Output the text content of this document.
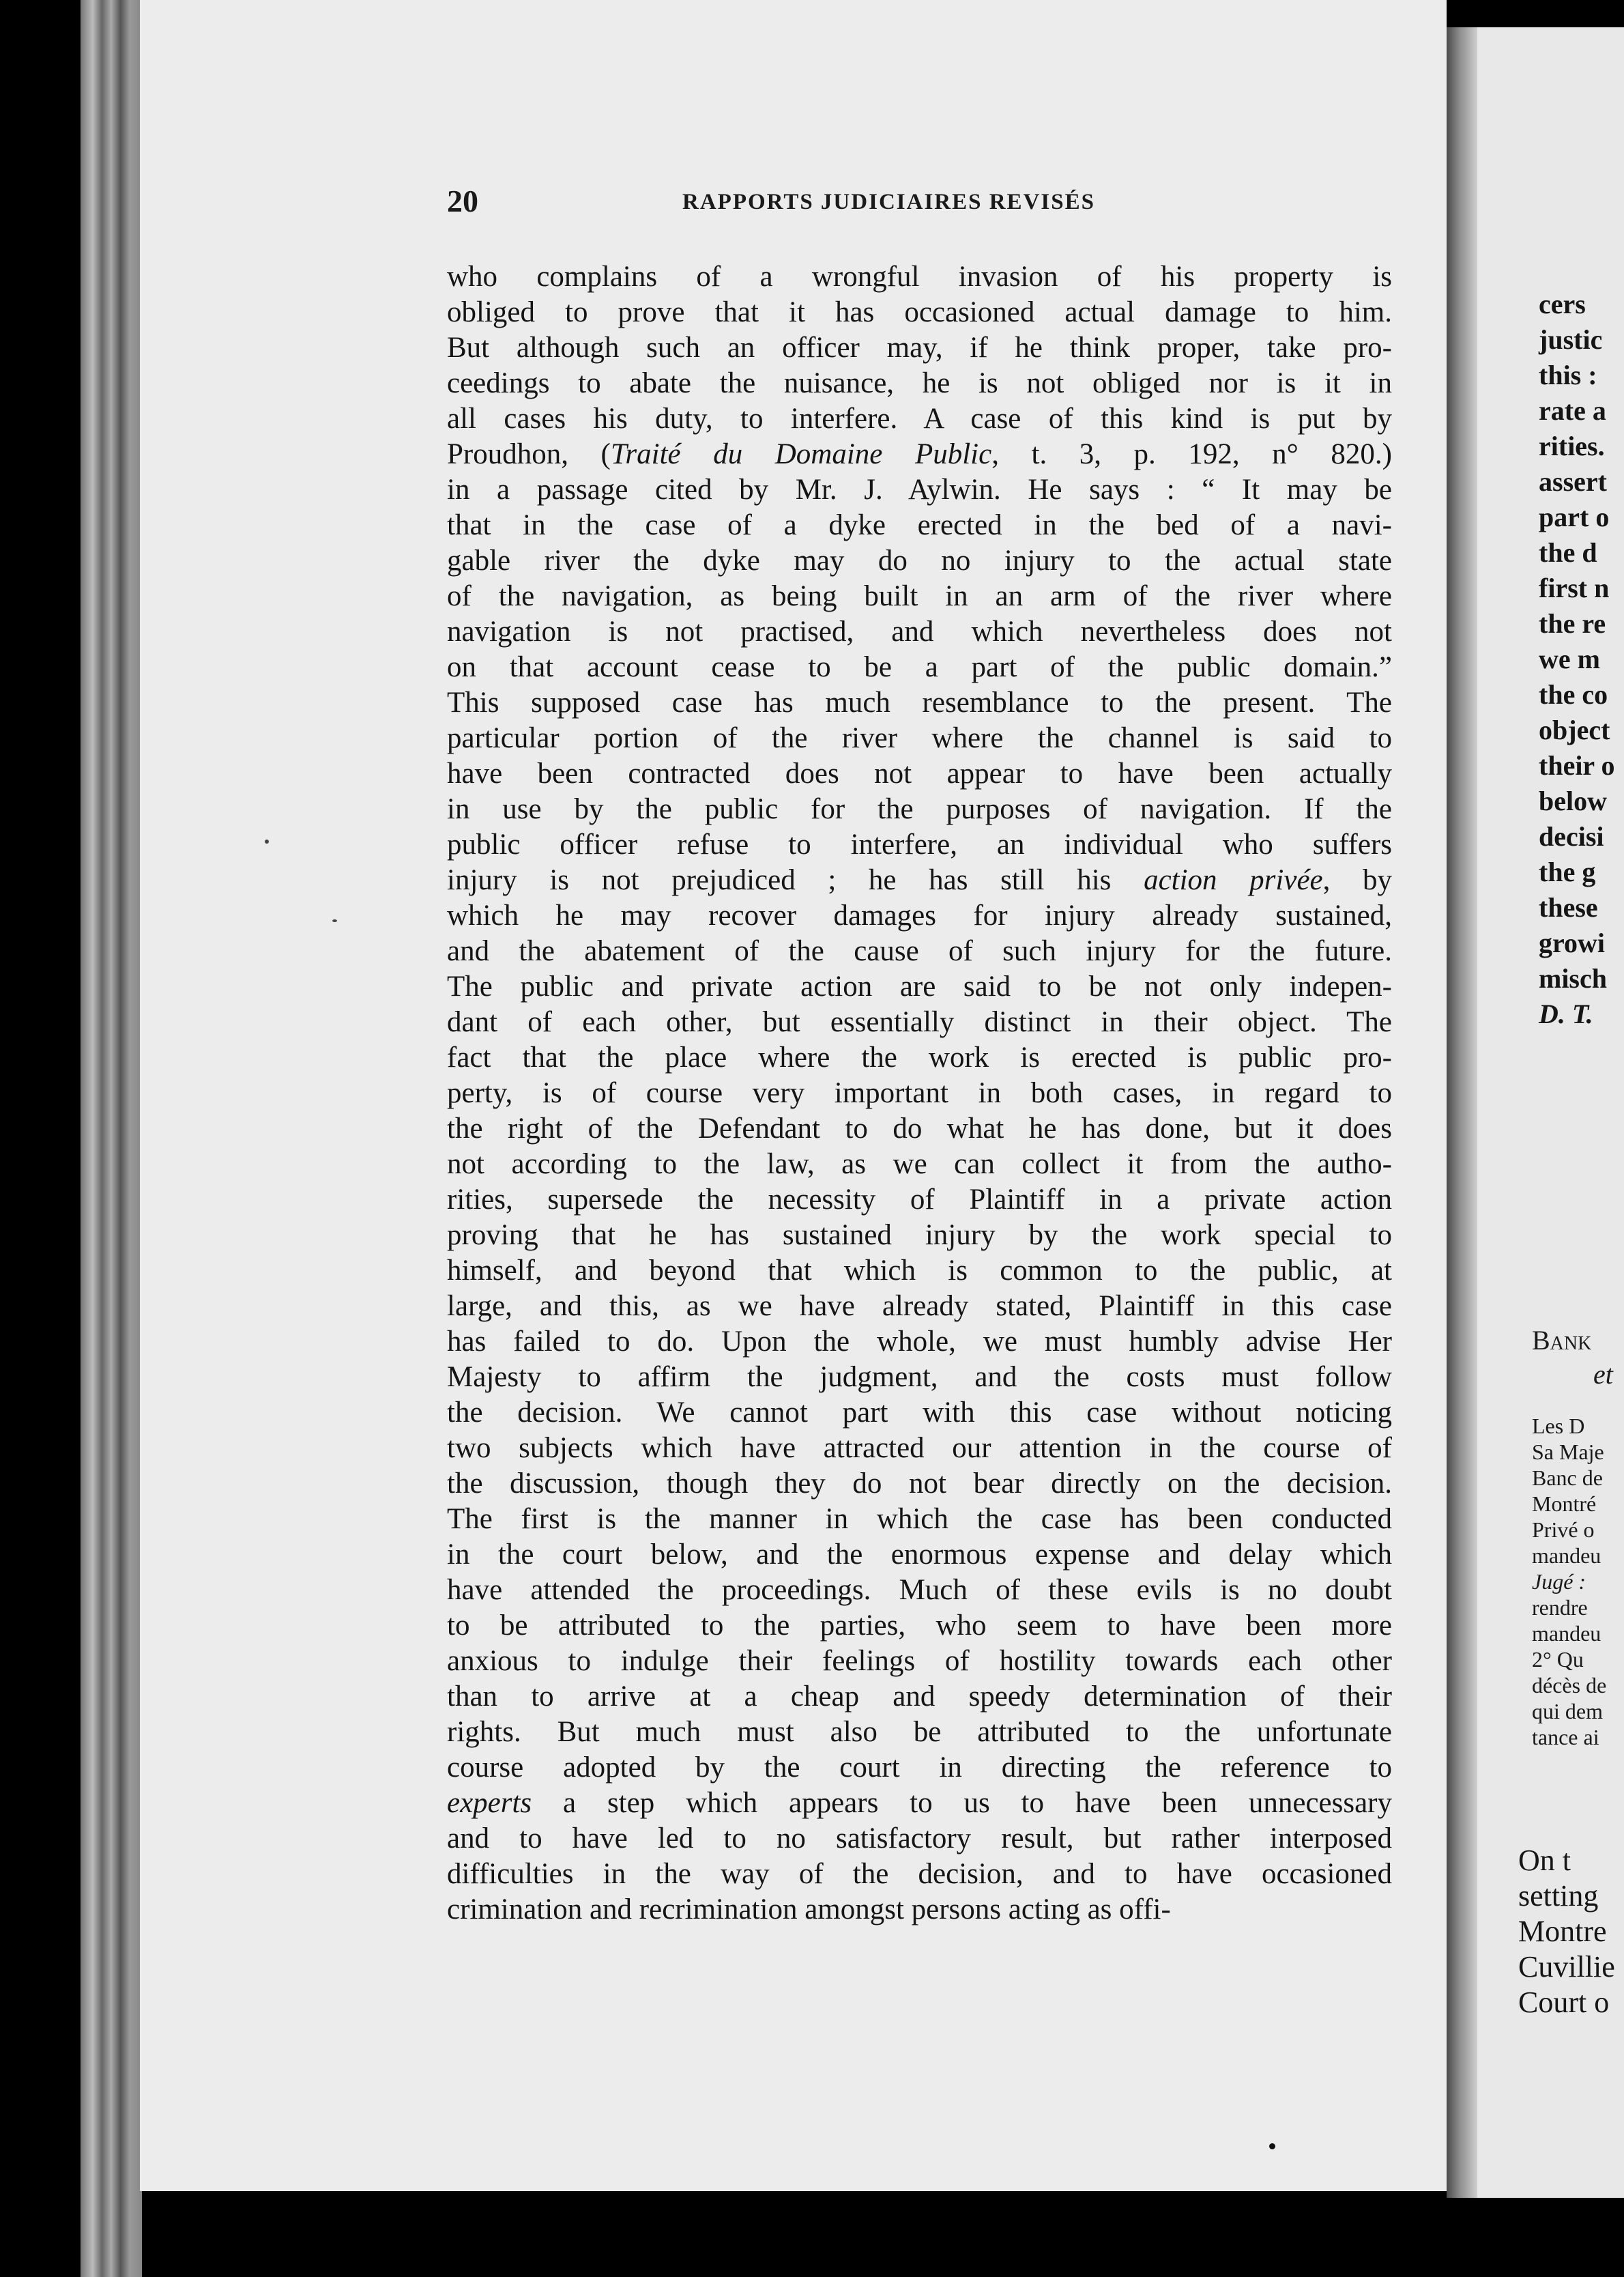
20	RAPPORTS JUDICIAIRES REVISÉS
who complains of a wrongful invasion of his property is
obliged to prove that it has occasioned actual damage to him.
But although such an officer may, if he think proper, take pro-
ceedings to abate the nuisance, he is not obliged nor is it in
all cases his duty, to interfere. A case of this kind is put by
Proudhon, (Traité du Domaine Public, t. 3, p. 192, n° 820.)
in a passage cited by Mr. J. Aylwin. He says : “ It may be
that in the case of a dyke erected in the bed of a navi-
gable river the dyke may do no injury to the actual state
of the navigation, as being built in an arm of the river where
navigation is not practised, and which nevertheless does not
on that account cease to be a part of the public domain.”
This supposed case has much resemblance to the present. The
particular portion of the river where the channel is said to
have been contracted does not appear to have been actually
in use by the public for the purposes of navigation. If the
public officer refuse to interfere, an individual who suffers
injury is not prejudiced ; he has still his action privée, by
which he may recover damages for injury already sustained,
and the abatement of the cause of such injury for the future.
The public and private action are said to be not only indepen-
dant of each other, but essentially distinct in their object. The
fact that the place where the work is erected is public pro-
perty, is of course very important in both cases, in regard to
the right of the Defendant to do what he has done, but it does
not according to the law, as we can collect it from the autho-
rities, supersede the necessity of Plaintiff in a private action
proving that he has sustained injury by the work special to
himself, and beyond that which is common to the public, at
large, and this, as we have already stated, Plaintiff in this case
has failed to do. Upon the whole, we must humbly advise Her
Majesty to affirm the judgment, and the costs must follow
the decision. We cannot part with this case without noticing
two subjects which have attracted our attention in the course of
the discussion, though they do not bear directly on the decision.
The first is the manner in which the case has been conducted
in the court below, and the enormous expense and delay which
have attended the proceedings. Much of these evils is no doubt
to be attributed to the parties, who seem to have been more
anxious to indulge their feelings of hostility towards each other
than to arrive at a cheap and speedy determination of their
rights. But much must also be attributed to the unfortunate
course adopted by the court in directing the reference to
experts a step which appears to us to have been unnecessary
and to have led to no satisfactory result, but rather interposed
difficulties in the way of the decision, and to have occasioned
crimination and recrimination amongst persons acting as offi-
cers
justic
this :
rate a
rities.
assert
part o
the d
first n
the re
we m
the co
object
their o
below
decisi
the g
these
growi
misch
D. T.
Bank
et
Les D
Sa Maje
Banc de
Montré
Privé o
mandeu
Jugé :
rendre
mandeu
2° Qu
décès de
qui dem
tance ai
On t
setting
Montre
Cuvillie
Court o
